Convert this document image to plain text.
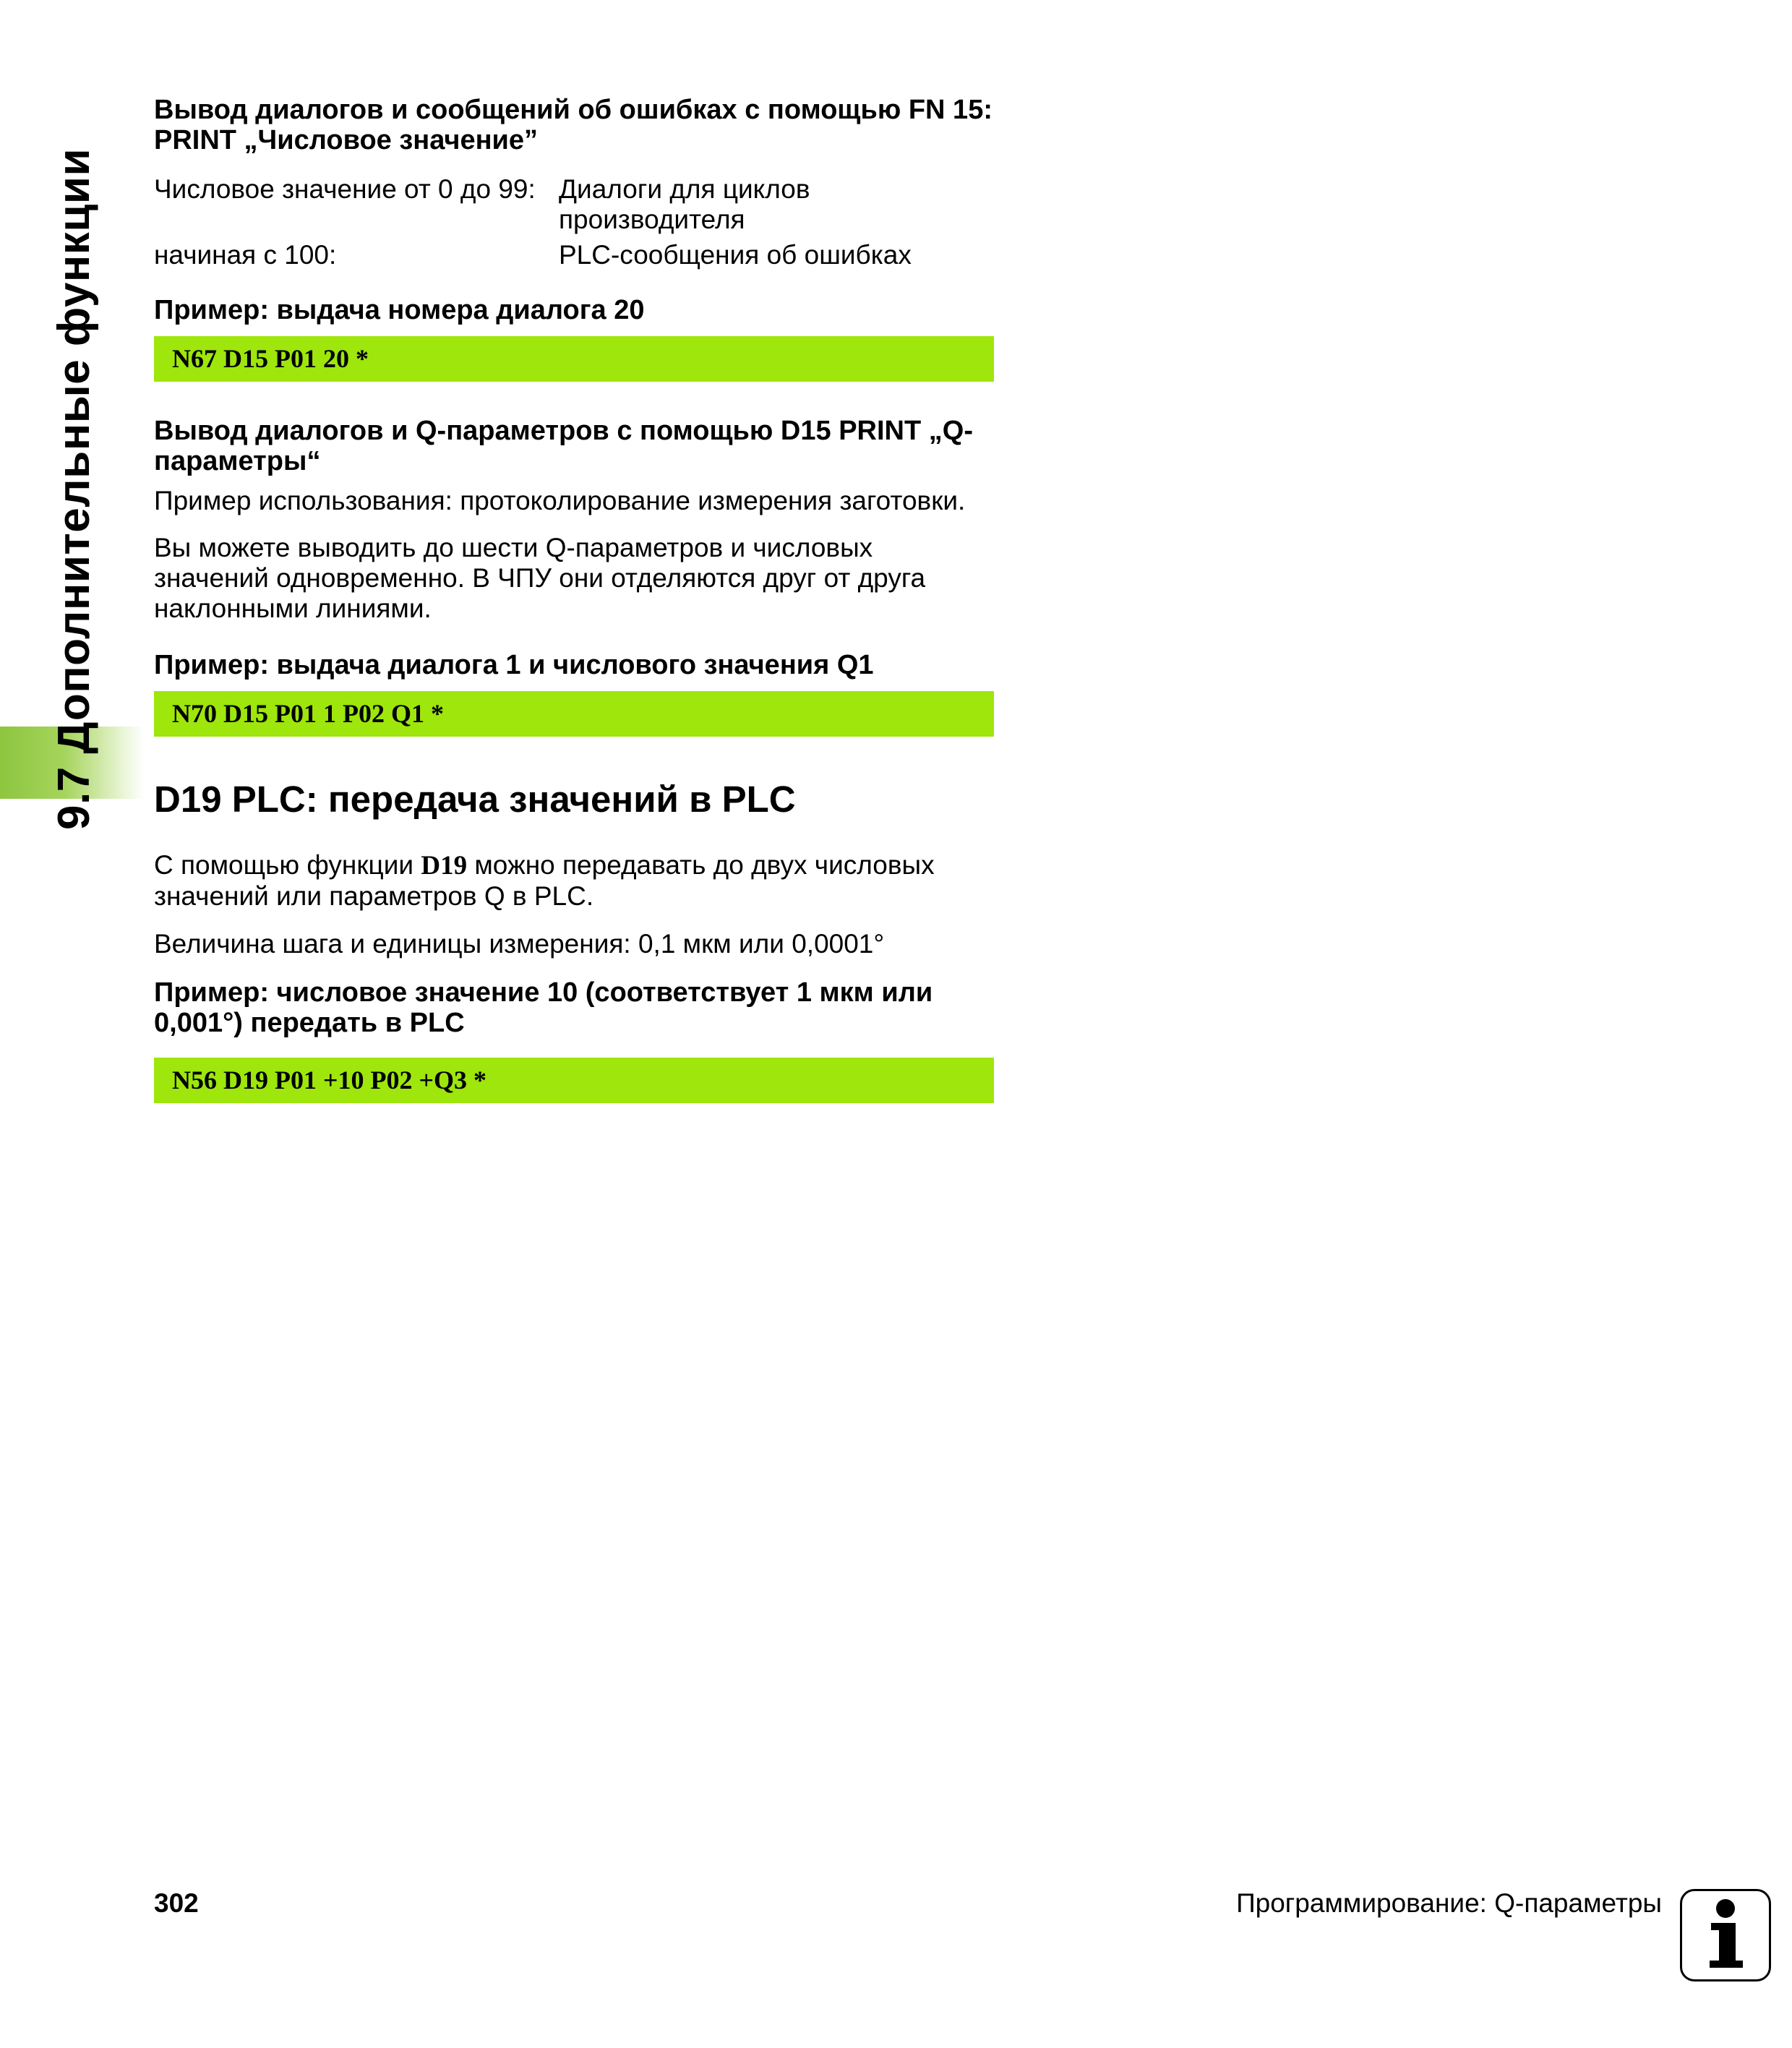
9.7 Дополнительные функции
Вывод диалогов и сообщений об ошибках с помощью FN 15: PRINT „Числовое значение”
Числовое значение от 0 до 99: Диалоги для циклов производителя
начиная с 100:	PLC-сообщения об ошибках
Пример: выдача номера диалога 20
N67 D15 P01 20 *
Вывод диалогов и Q-параметров с помощью D15 PRINT „Q-параметры“
Пример использования: протоколирование измерения заготовки.
Вы можете выводить до шести Q-параметров и числовых значений одновременно. В ЧПУ они отделяются друг от друга наклонными линиями.
Пример: выдача диалога 1 и числового значения Q1
N70 D15 P01 1 P02 Q1 *
D19 PLC: передача значений в PLC
С помощью функции D19 можно передавать до двух числовых значений или параметров Q в PLC.
Величина шага и единицы измерения: 0,1 мкм или 0,0001°
Пример: числовое значение 10 (соответствует 1 мкм или 0,001°) передать в PLC
N56 D19 P01 +10 P02 +Q3 *
302	Программирование: Q-параметры
